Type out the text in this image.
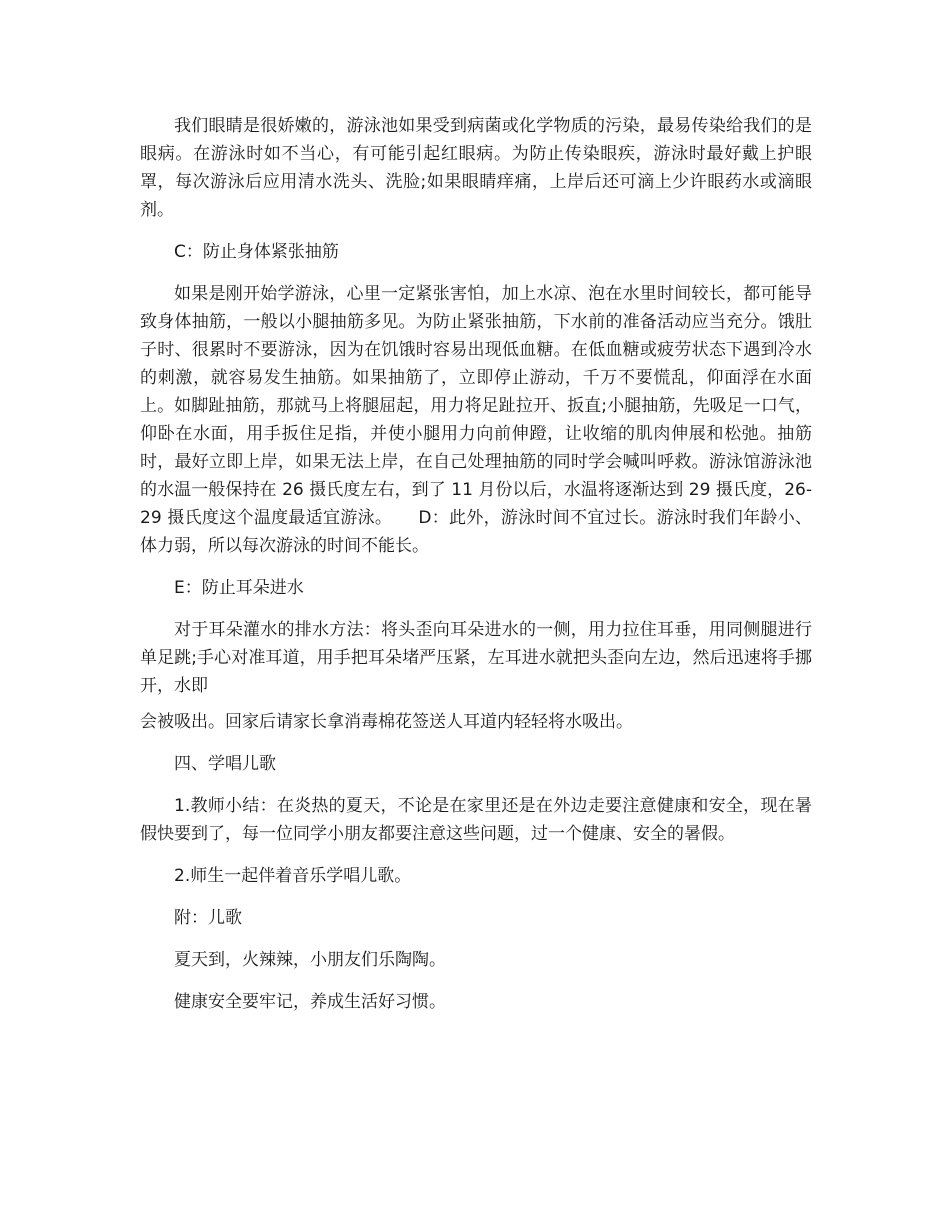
我们眼睛是很娇嫩的，游泳池如果受到病菌或化学物质的污染，最易传染给我们的是眼病。在游泳时如不当心，有可能引起红眼病。为防止传染眼疾，游泳时最好戴上护眼罩，每次游泳后应用清水洗头、洗脸;如果眼睛痒痛，上岸后还可滴上少许眼药水或滴眼剂。

C：防止身体紧张抽筋

如果是刚开始学游泳，心里一定紧张害怕，加上水凉、泡在水里时间较长，都可能导致身体抽筋，一般以小腿抽筋多见。为防止紧张抽筋，下水前的准备活动应当充分。饿肚子时、很累时不要游泳，因为在饥饿时容易出现低血糖。在低血糖或疲劳状态下遇到冷水的刺激，就容易发生抽筋。如果抽筋了，立即停止游动，千万不要慌乱，仰面浮在水面上。如脚趾抽筋，那就马上将腿屈起，用力将足趾拉开、扳直;小腿抽筋，先吸足一口气，仰卧在水面，用手扳住足指，并使小腿用力向前伸蹬，让收缩的肌肉伸展和松弛。抽筋时，最好立即上岸，如果无法上岸，在自己处理抽筋的同时学会喊叫呼救。游泳馆游泳池的水温一般保持在 26 摄氏度左右，到了 11 月份以后，水温将逐渐达到 29 摄氏度，26-29 摄氏度这个温度最适宜游泳。　　D：此外，游泳时间不宜过长。游泳时我们年龄小、体力弱，所以每次游泳的时间不能长。

E：防止耳朵进水

对于耳朵灌水的排水方法：将头歪向耳朵进水的一侧，用力拉住耳垂，用同侧腿进行单足跳;手心对准耳道，用手把耳朵堵严压紧，左耳进水就把头歪向左边，然后迅速将手挪开，水即

会被吸出。回家后请家长拿消毒棉花签送人耳道内轻轻将水吸出。

四、学唱儿歌

1.教师小结：在炎热的夏天，不论是在家里还是在外边走要注意健康和安全，现在暑假快要到了，每一位同学小朋友都要注意这些问题，过一个健康、安全的暑假。

2.师生一起伴着音乐学唱儿歌。

附：儿歌

夏天到，火辣辣，小朋友们乐陶陶。

健康安全要牢记，养成生活好习惯。
